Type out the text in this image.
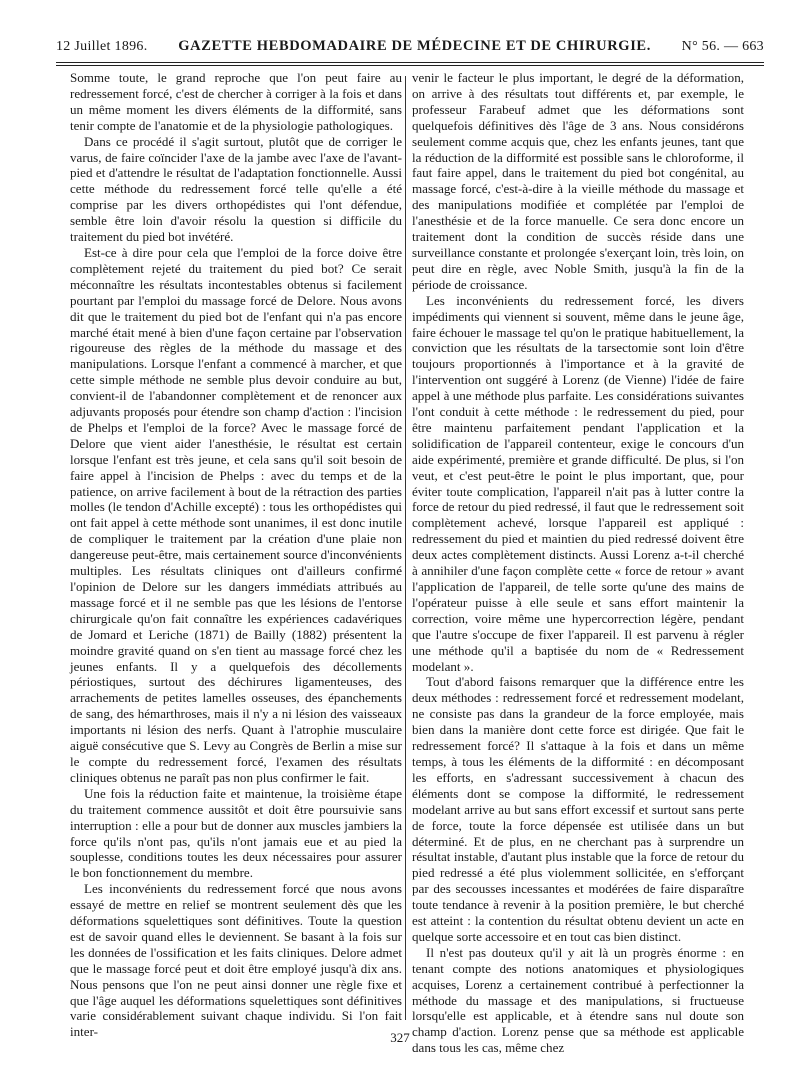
12 Juillet 1896. GAZETTE HEBDOMADAIRE DE MÉDECINE ET DE CHIRURGIE. N° 56. — 663

Somme toute, le grand reproche que l'on peut faire au redressement forcé, c'est de chercher à corriger à la fois et dans un même moment les divers éléments de la difformité, sans tenir compte de l'anatomie et de la physiologie pathologiques.

Dans ce procédé il s'agit surtout, plutôt que de corriger le varus, de faire coïncider l'axe de la jambe avec l'axe de l'avant-pied et d'attendre le résultat de l'adaptation fonctionnelle. Aussi cette méthode du redressement forcé telle qu'elle a été comprise par les divers orthopédistes qui l'ont défendue, semble être loin d'avoir résolu la question si difficile du traitement du pied bot invétéré.

Est-ce à dire pour cela que l'emploi de la force doive être complètement rejeté du traitement du pied bot? Ce serait méconnaître les résultats incontestables obtenus si facilement pourtant par l'emploi du massage forcé de Delore. Nous avons dit que le traitement du pied bot de l'enfant qui n'a pas encore marché était mené à bien d'une façon certaine par l'observation rigoureuse des règles de la méthode du massage et des manipulations. Lorsque l'enfant a commencé à marcher, et que cette simple méthode ne semble plus devoir conduire au but, convient-il de l'abandonner complètement et de renoncer aux adjuvants proposés pour étendre son champ d'action : l'incision de Phelps et l'emploi de la force? Avec le massage forcé de Delore que vient aider l'anesthésie, le résultat est certain lorsque l'enfant est très jeune, et cela sans qu'il soit besoin de faire appel à l'incision de Phelps : avec du temps et de la patience, on arrive facilement à bout de la rétraction des parties molles (le tendon d'Achille excepté) : tous les orthopédistes qui ont fait appel à cette méthode sont unanimes, il est donc inutile de compliquer le traitement par la création d'une plaie non dangereuse peut-être, mais certainement source d'inconvénients multiples. Les résultats cliniques ont d'ailleurs confirmé l'opinion de Delore sur les dangers immédiats attribués au massage forcé et il ne semble pas que les lésions de l'entorse chirurgicale qu'on fait connaître les expériences cadavériques de Jomard et Leriche (1871) de Bailly (1882) présentent la moindre gravité quand on s'en tient au massage forcé chez les jeunes enfants. Il y a quelquefois des décollements périostiques, surtout des déchirures ligamenteuses, des arrachements de petites lamelles osseuses, des épanchements de sang, des hémarthroses, mais il n'y a ni lésion des vaisseaux importants ni lésion des nerfs. Quant à l'atrophie musculaire aiguë consécutive que S. Levy au Congrès de Berlin a mise sur le compte du redressement forcé, l'examen des résultats cliniques obtenus ne paraît pas non plus confirmer le fait.

Une fois la réduction faite et maintenue, la troisième étape du traitement commence aussitôt et doit être poursuivie sans interruption : elle a pour but de donner aux muscles jambiers la force qu'ils n'ont pas, qu'ils n'ont jamais eue et au pied la souplesse, conditions toutes les deux nécessaires pour assurer le bon fonctionnement du membre.

Les inconvénients du redressement forcé que nous avons essayé de mettre en relief se montrent seulement dès que les déformations squelettiques sont définitives. Toute la question est de savoir quand elles le deviennent. Se basant à la fois sur les données de l'ossification et les faits cliniques. Delore admet que le massage forcé peut et doit être employé jusqu'à dix ans. Nous pensons que l'on ne peut ainsi donner une règle fixe et que l'âge auquel les déformations squelettiques sont définitives varie considérablement suivant chaque individu. Si l'on fait inter-

venir le facteur le plus important, le degré de la déformation, on arrive à des résultats tout différents et, par exemple, le professeur Farabeuf admet que les déformations sont quelquefois définitives dès l'âge de 3 ans. Nous considérons seulement comme acquis que, chez les enfants jeunes, tant que la réduction de la difformité est possible sans le chloroforme, il faut faire appel, dans le traitement du pied bot congénital, au massage forcé, c'est-à-dire à la vieille méthode du massage et des manipulations modifiée et complétée par l'emploi de l'anesthésie et de la force manuelle. Ce sera donc encore un traitement dont la condition de succès réside dans une surveillance constante et prolongée s'exerçant loin, très loin, on peut dire en règle, avec Noble Smith, jusqu'à la fin de la période de croissance.

Les inconvénients du redressement forcé, les divers impédiments qui viennent si souvent, même dans le jeune âge, faire échouer le massage tel qu'on le pratique habituellement, la conviction que les résultats de la tarsectomie sont loin d'être toujours proportionnés à l'importance et à la gravité de l'intervention ont suggéré à Lorenz (de Vienne) l'idée de faire appel à une méthode plus parfaite. Les considérations suivantes l'ont conduit à cette méthode : le redressement du pied, pour être maintenu parfaitement pendant l'application et la solidification de l'appareil contenteur, exige le concours d'un aide expérimenté, première et grande difficulté. De plus, si l'on veut, et c'est peut-être le point le plus important, que, pour éviter toute complication, l'appareil n'ait pas à lutter contre la force de retour du pied redressé, il faut que le redressement soit complètement achevé, lorsque l'appareil est appliqué : redressement du pied et maintien du pied redressé doivent être deux actes complètement distincts. Aussi Lorenz a-t-il cherché à annihiler d'une façon complète cette « force de retour » avant l'application de l'appareil, de telle sorte qu'une des mains de l'opérateur puisse à elle seule et sans effort maintenir la correction, voire même une hypercorrection légère, pendant que l'autre s'occupe de fixer l'appareil. Il est parvenu à régler une méthode qu'il a baptisée du nom de « Redressement modelant ».

Tout d'abord faisons remarquer que la différence entre les deux méthodes : redressement forcé et redressement modelant, ne consiste pas dans la grandeur de la force employée, mais bien dans la manière dont cette force est dirigée. Que fait le redressement forcé? Il s'attaque à la fois et dans un même temps, à tous les éléments de la difformité : en décomposant les efforts, en s'adressant successivement à chacun des éléments dont se compose la difformité, le redressement modelant arrive au but sans effort excessif et surtout sans perte de force, toute la force dépensée est utilisée dans un but déterminé. Et de plus, en ne cherchant pas à surprendre un résultat instable, d'autant plus instable que la force de retour du pied redressé a été plus violemment sollicitée, en s'efforçant par des secousses incessantes et modérées de faire disparaître toute tendance à revenir à la position première, le but cherché est atteint : la contention du résultat obtenu devient un acte en quelque sorte accessoire et en tout cas bien distinct.

Il n'est pas douteux qu'il y ait là un progrès énorme : en tenant compte des notions anatomiques et physiologiques acquises, Lorenz a certainement contribué à perfectionner la méthode du massage et des manipulations, si fructueuse lorsqu'elle est applicable, et à étendre sans nul doute son champ d'action. Lorenz pense que sa méthode est applicable dans tous les cas, même chez

327
